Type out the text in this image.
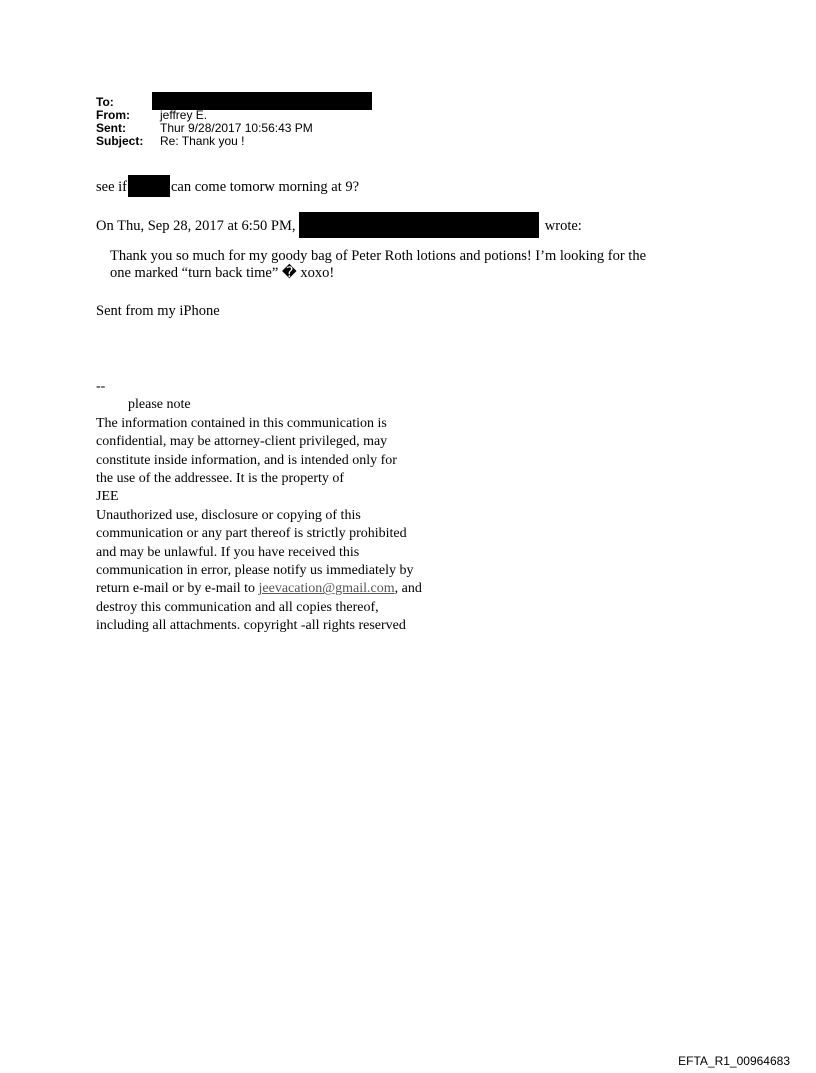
To:
From:	jeffrey E.
Sent:	Thur 9/28/2017 10:56:43 PM
Subject:	Re: Thank you !
see if	can come tomorw morning at 9?
On Thu, Sep 28, 2017 at 6:50 PM,	wrote:
Thank you so much for my goody bag of Peter Roth lotions and potions! I’m looking for the
one marked “turn back time” � xoxo!
Sent from my iPhone
--
please note
The information contained in this communication is
confidential, may be attorney-client privileged, may
constitute inside information, and is intended only for
the use of the addressee. It is the property of
JEE
Unauthorized use, disclosure or copying of this
communication or any part thereof is strictly prohibited
and may be unlawful. If you have received this
communication in error, please notify us immediately by
return e-mail or by e-mail to jeevacation@gmail.com, and
destroy this communication and all copies thereof,
including all attachments. copyright -all rights reserved
EFTA_R1_00964683
